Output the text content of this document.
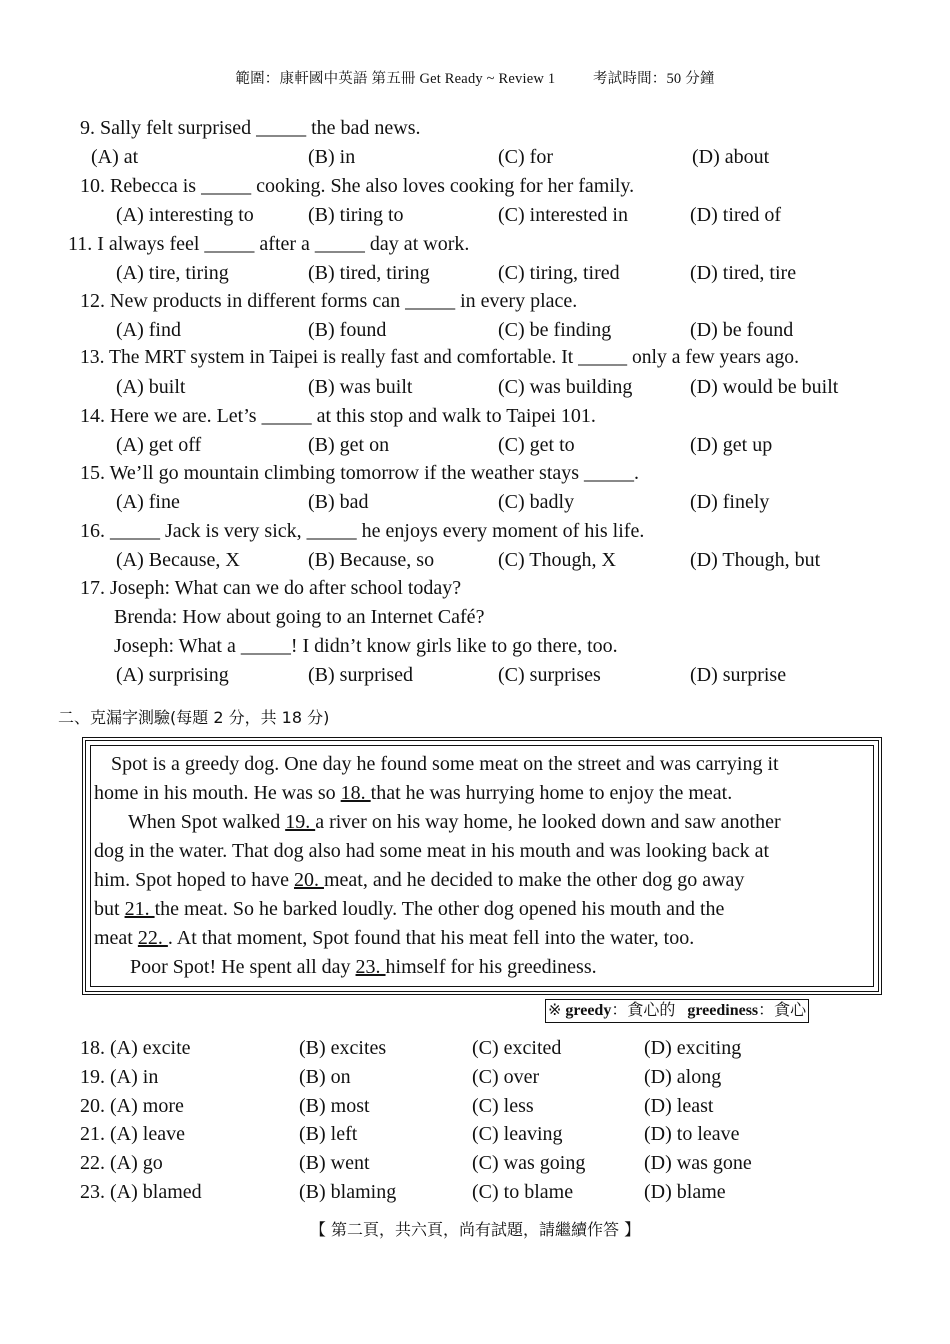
範圍：康軒國中英語 第五冊 Get Ready ~ Review 1	考試時間：50 分鐘
9. Sally felt surprised _____ the bad news.
(A) at	(B) in	(C) for	(D) about
10. Rebecca is _____ cooking. She also loves cooking for her family.
(A) interesting to	(B) tiring to	(C) interested in	(D) tired of
11. I always feel _____ after a _____ day at work.
(A) tire, tiring	(B) tired, tiring	(C) tiring, tired	(D) tired, tire
12. New products in different forms can _____ in every place.
(A) find	(B) found	(C) be finding	(D) be found
13. The MRT system in Taipei is really fast and comfortable. It _____ only a few years ago.
(A) built	(B) was built	(C) was building	(D) would be built
14. Here we are. Let’s _____ at this stop and walk to Taipei 101.
(A) get off	(B) get on	(C) get to	(D) get up
15. We’ll go mountain climbing tomorrow if the weather stays _____.
(A) fine	(B) bad	(C) badly	(D) finely
16. _____ Jack is very sick, _____ he enjoys every moment of his life.
(A) Because, X	(B) Because, so	(C) Though, X	(D) Though, but
17. Joseph: What can we do after school today?
Brenda: How about going to an Internet Café?
Joseph: What a _____! I didn’t know girls like to go there, too.
(A) surprising	(B) surprised	(C) surprises	(D) surprise
二、克漏字測驗(每題 2 分，共 18 分)
Spot is a greedy dog. One day he found some meat on the street and was carrying it
home in his mouth. He was so 18. that he was hurrying home to enjoy the meat.
When Spot walked 19. a river on his way home, he looked down and saw another
dog in the water. That dog also had some meat in his mouth and was looking back at
him. Spot hoped to have 20. meat, and he decided to make the other dog go away
but 21. the meat. So he barked loudly. The other dog opened his mouth and the
meat 22. . At that moment, Spot found that his meat fell into the water, too.
Poor Spot! He spent all day 23. himself for his greediness.
※ greedy：貪心的 greediness：貪心
18. (A) excite	(B) excites	(C) excited	(D) exciting
19. (A) in	(B) on	(C) over	(D) along
20. (A) more	(B) most	(C) less	(D) least
21. (A) leave	(B) left	(C) leaving	(D) to leave
22. (A) go	(B) went	(C) was going	(D) was gone
23. (A) blamed	(B) blaming	(C) to blame	(D) blame
【 第二頁，共六頁，尚有試題，請繼續作答 】
